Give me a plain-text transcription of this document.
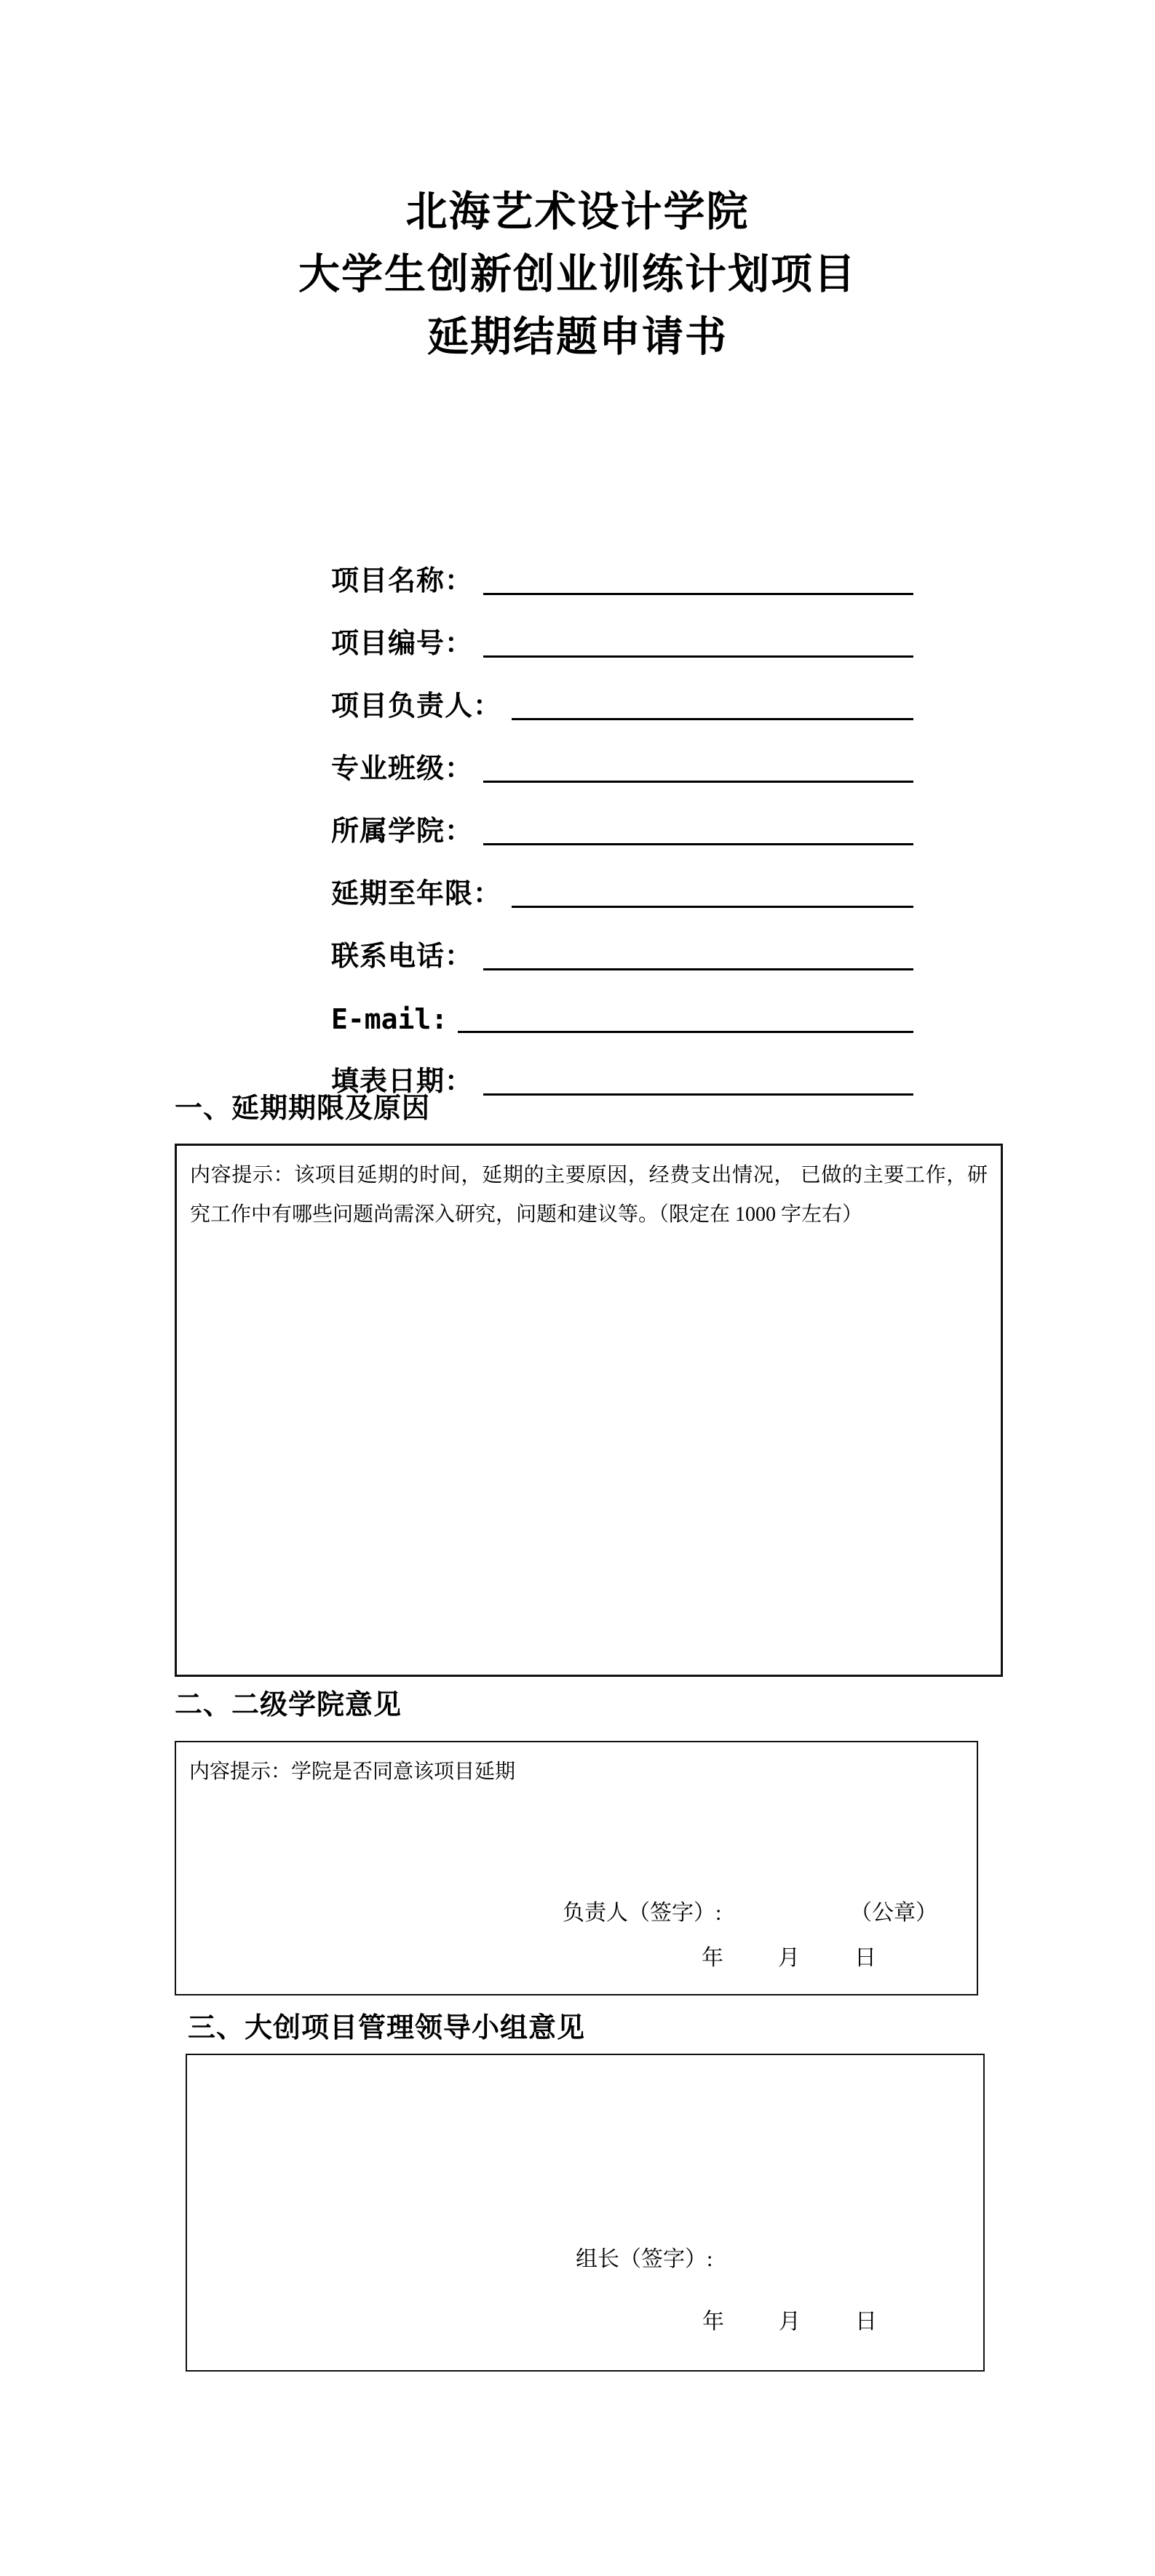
北海艺术设计学院
大学生创新创业训练计划项目
延期结题申请书
项目名称：
项目编号：
项目负责人：
专业班级：
所属学院：
延期至年限：
联系电话：
E-mail:
填表日期：
一、延期期限及原因
内容提示：该项目延期的时间，延期的主要原因，经费支出情况， 已做的主要工作，研究工作中有哪些问题尚需深入研究，问题和建议等。（限定在 1000 字左右）
二、二级学院意见
内容提示：学院是否同意该项目延期
负责人（签字）:	（公章）
年　　月　　日
三、大创项目管理领导小组意见
组长（签字）:
年　　月　　日
